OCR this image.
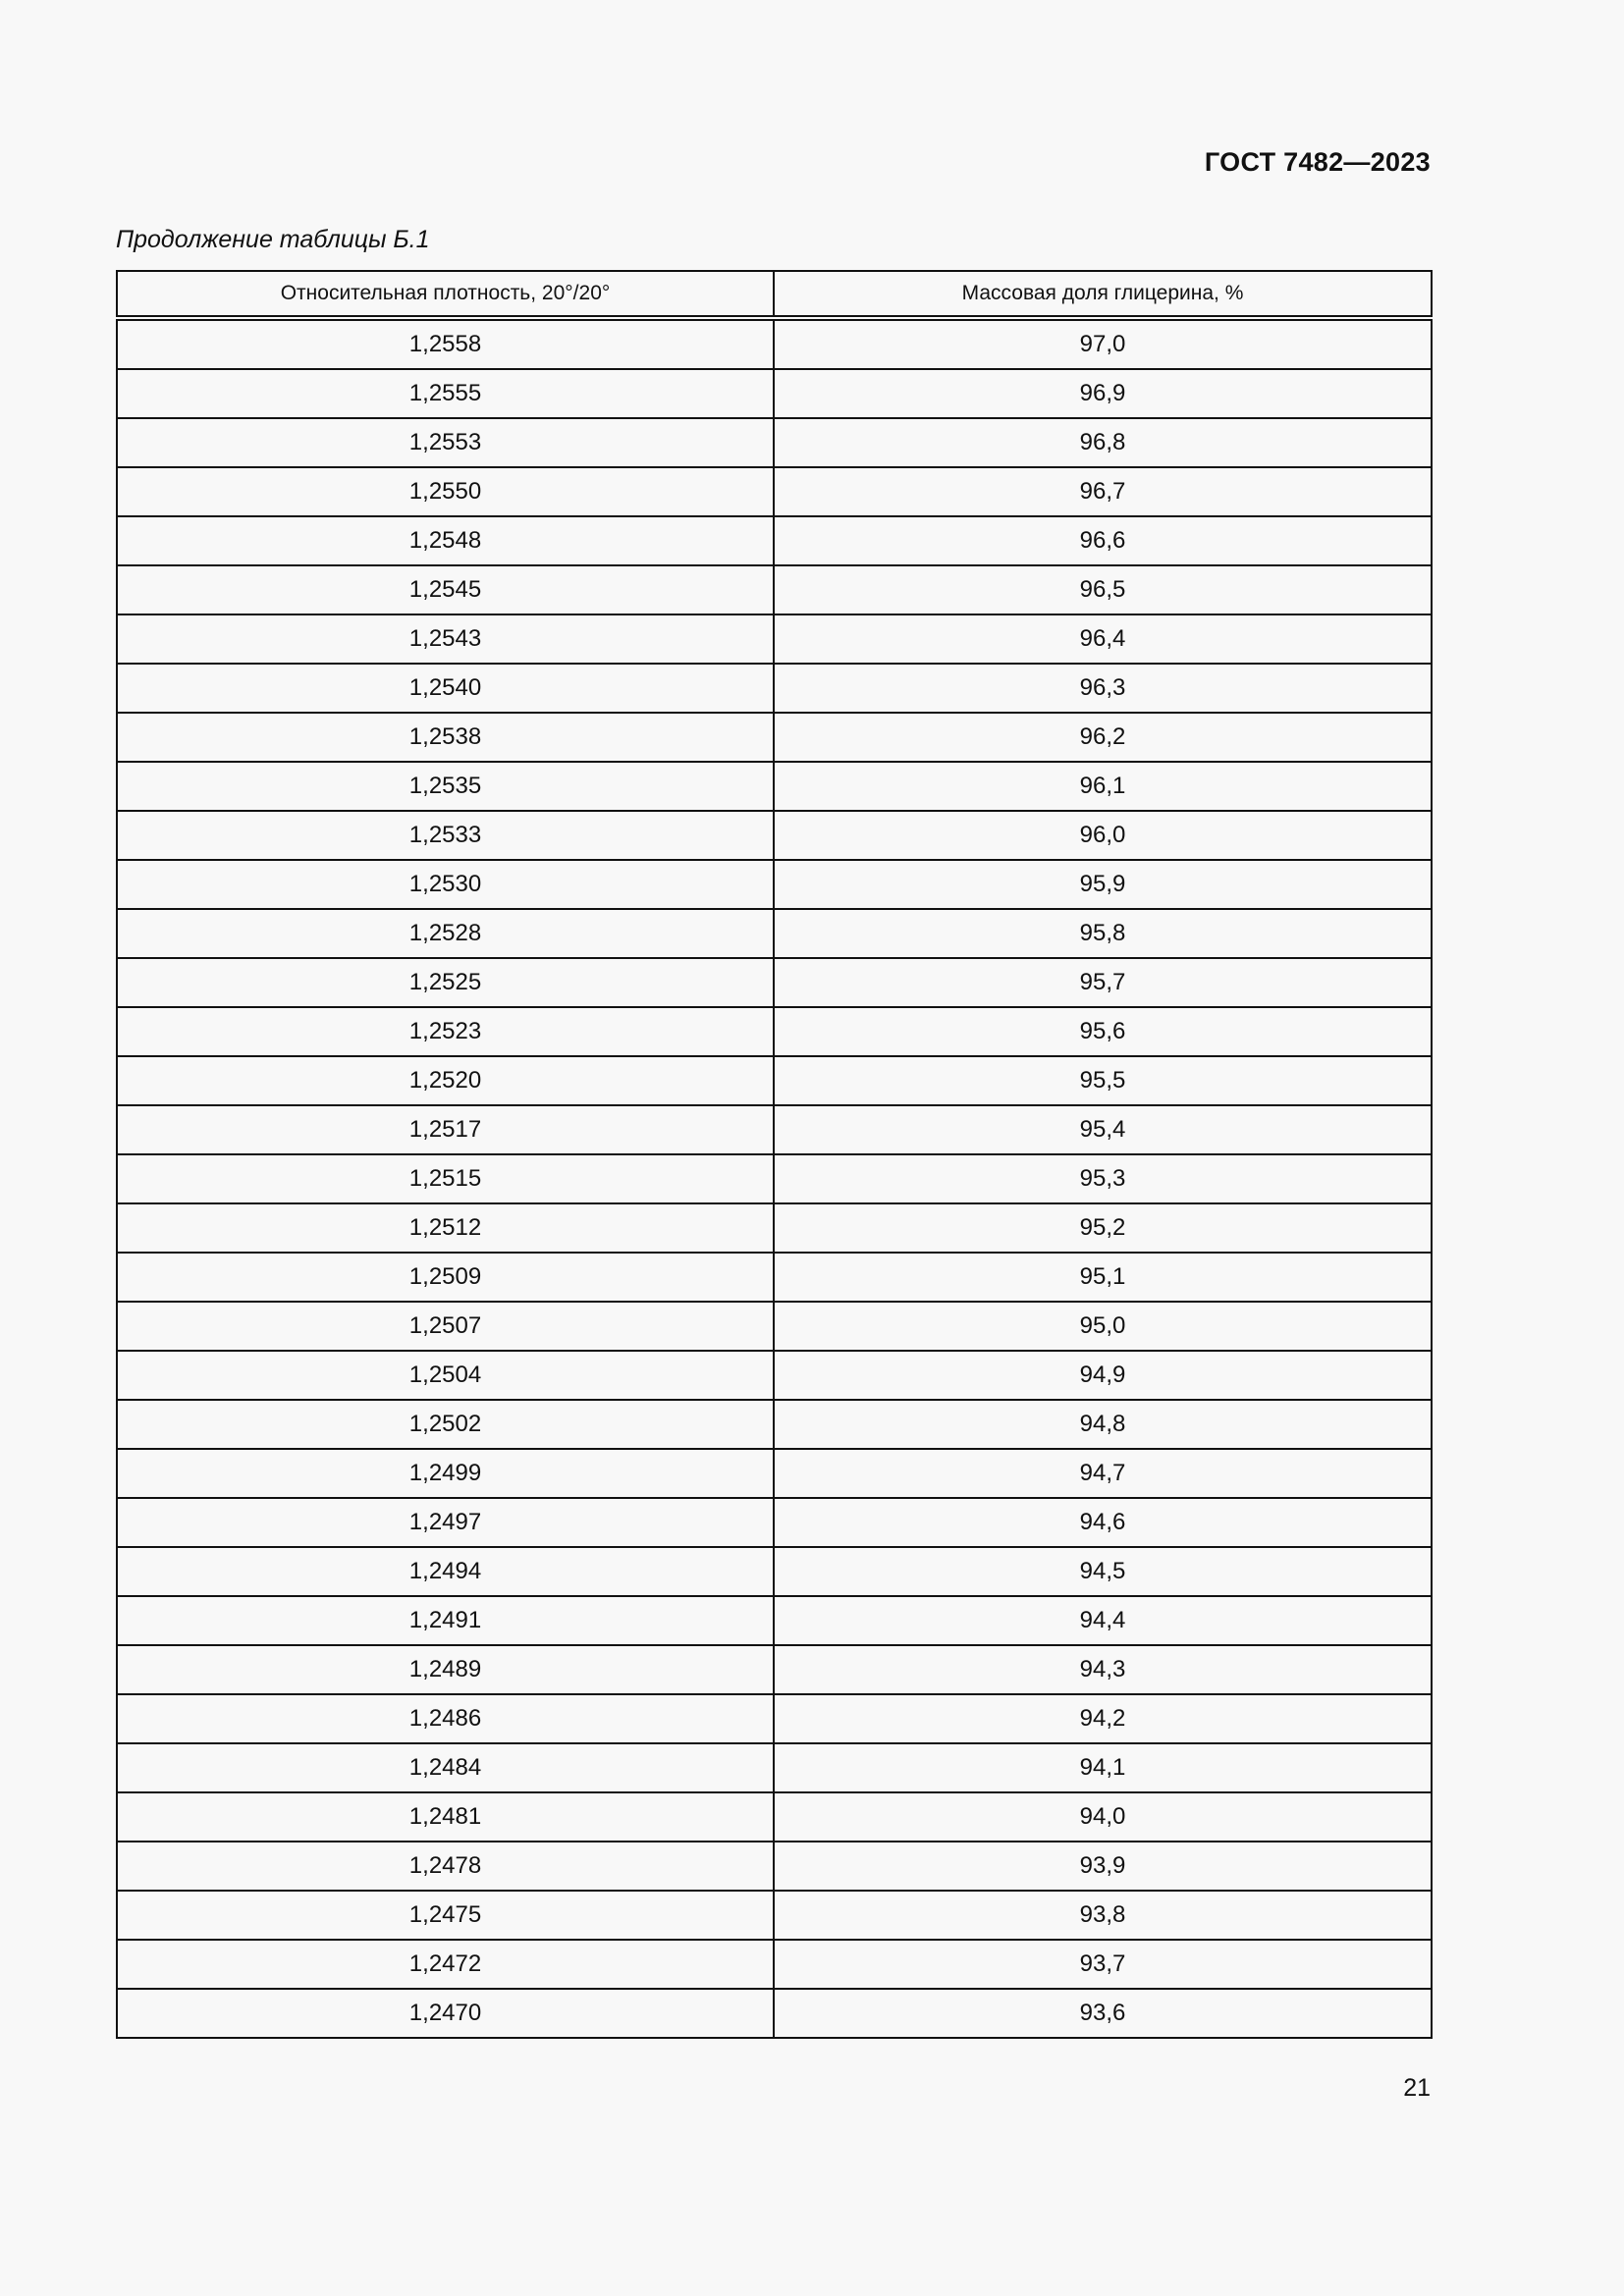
ГОСТ 7482—2023
Продолжение таблицы Б.1
Относительная плотность, 20°/20°	Массовая доля глицерина, %
1,2558	97,0
1,2555	96,9
1,2553	96,8
1,2550	96,7
1,2548	96,6
1,2545	96,5
1,2543	96,4
1,2540	96,3
1,2538	96,2
1,2535	96,1
1,2533	96,0
1,2530	95,9
1,2528	95,8
1,2525	95,7
1,2523	95,6
1,2520	95,5
1,2517	95,4
1,2515	95,3
1,2512	95,2
1,2509	95,1
1,2507	95,0
1,2504	94,9
1,2502	94,8
1,2499	94,7
1,2497	94,6
1,2494	94,5
1,2491	94,4
1,2489	94,3
1,2486	94,2
1,2484	94,1
1,2481	94,0
1,2478	93,9
1,2475	93,8
1,2472	93,7
1,2470	93,6
21
